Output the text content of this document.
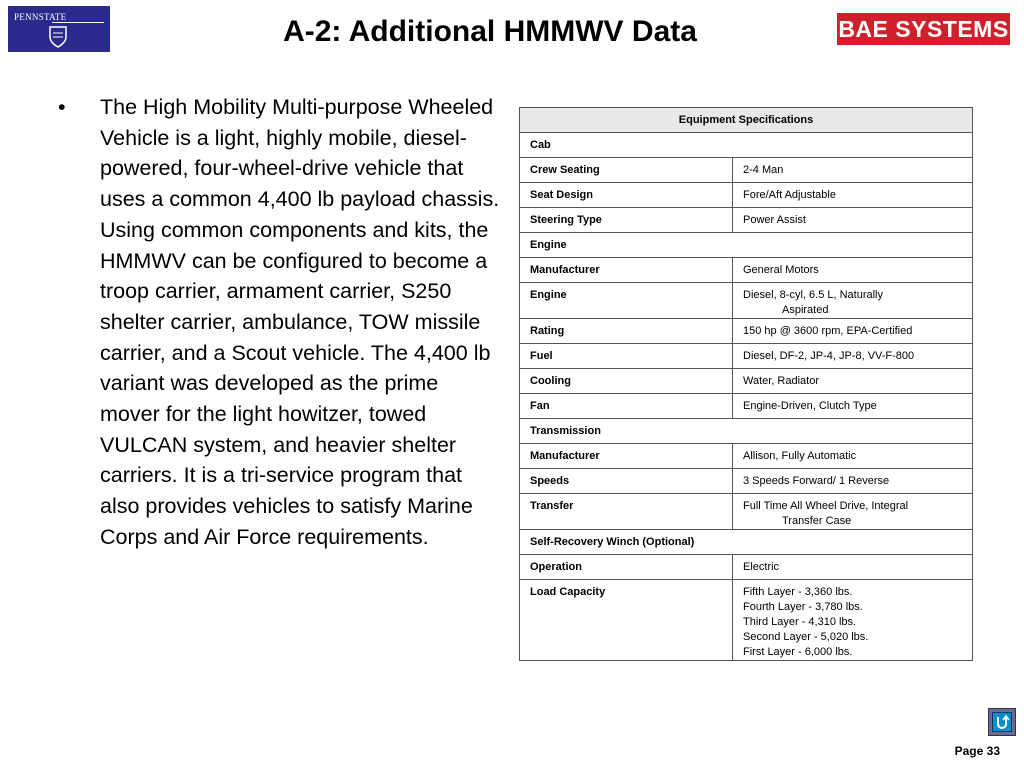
PENNSTATE	A-2: Additional HMMWV Data	BAE SYSTEMS
• The High Mobility Multi-purpose Wheeled Vehicle is a light, highly mobile, diesel-powered, four-wheel-drive vehicle that uses a common 4,400 lb payload chassis. Using common components and kits, the HMMWV can be configured to become a troop carrier, armament carrier, S250 shelter carrier, ambulance, TOW missile carrier, and a Scout vehicle. The 4,400 lb variant was developed as the prime mover for the light howitzer, towed VULCAN system, and heavier shelter carriers. It is a tri-service program that also provides vehicles to satisfy Marine Corps and Air Force requirements.
Equipment Specifications	
Cab	
Crew Seating	2-4 Man

Seat Design	Fore/Aft Adjustable

Steering Type	Power Assist

Engine	
Manufacturer	General Motors

Engine	Diesel, 8-cyl, 6.5 L, Naturally
Aspirated

Rating	150 hp @ 3600 rpm, EPA-Certified

Fuel	Diesel, DF-2, JP-4, JP-8, VV-F-800

Cooling	Water, Radiator

Fan	Engine-Driven, Clutch Type

Transmission	
Manufacturer	Allison, Fully Automatic

Speeds	3 Speeds Forward/ 1 Reverse

Transfer	Full Time All Wheel Drive, Integral
Transfer Case

Self-Recovery Winch (Optional)	
Operation	Electric

Load Capacity	Fifth Layer - 3,360 lbs.
Fourth Layer - 3,780 lbs.
Third Layer - 4,310 lbs.
Second Layer - 5,020 lbs.
First Layer - 6,000 lbs.
Page 33
